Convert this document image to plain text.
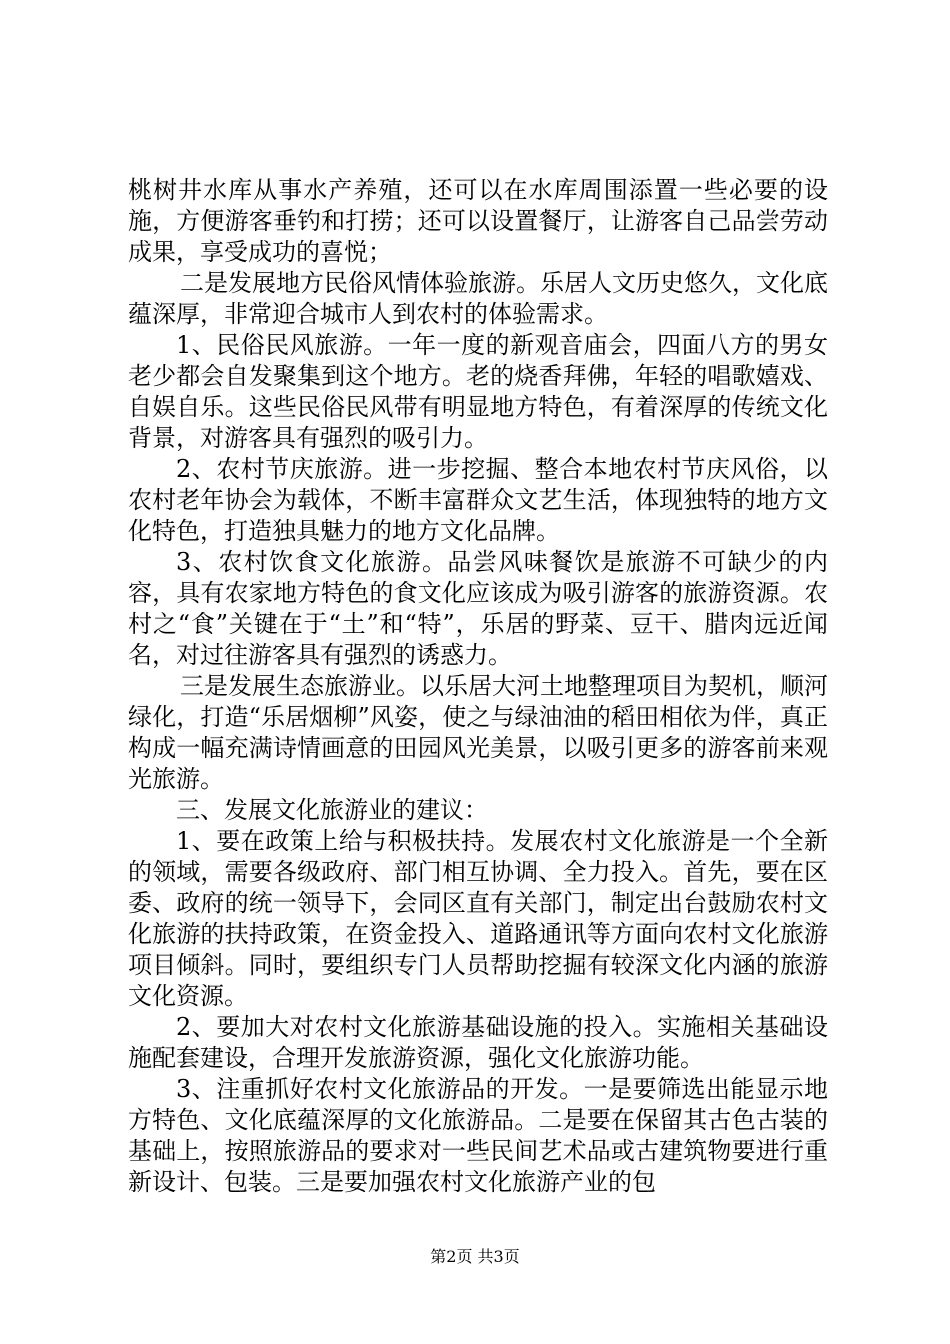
桃树井水库从事水产养殖，还可以在水库周围添置一些必要的设施，方便游客垂钓和打捞；还可以设置餐厅，让游客自己品尝劳动成果，享受成功的喜悦；

二是发展地方民俗风情体验旅游。乐居人文历史悠久，文化底蕴深厚，非常迎合城市人到农村的体验需求。

1、民俗民风旅游。一年一度的新观音庙会，四面八方的男女老少都会自发聚集到这个地方。老的烧香拜佛，年轻的唱歌嬉戏、自娱自乐。这些民俗民风带有明显地方特色，有着深厚的传统文化背景，对游客具有强烈的吸引力。

2、农村节庆旅游。进一步挖掘、整合本地农村节庆风俗，以农村老年协会为载体，不断丰富群众文艺生活，体现独特的地方文化特色，打造独具魅力的地方文化品牌。

3、农村饮食文化旅游。品尝风味餐饮是旅游不可缺少的内容，具有农家地方特色的食文化应该成为吸引游客的旅游资源。农村之“食”关键在于“土”和“特”，乐居的野菜、豆干、腊肉远近闻名，对过往游客具有强烈的诱惑力。

三是发展生态旅游业。以乐居大河土地整理项目为契机，顺河绿化，打造“乐居烟柳”风姿，使之与绿油油的稻田相依为伴，真正构成一幅充满诗情画意的田园风光美景，以吸引更多的游客前来观光旅游。

三、发展文化旅游业的建议：

1、要在政策上给与积极扶持。发展农村文化旅游是一个全新的领域，需要各级政府、部门相互协调、全力投入。首先，要在区委、政府的统一领导下，会同区直有关部门，制定出台鼓励农村文化旅游的扶持政策，在资金投入、道路通讯等方面向农村文化旅游项目倾斜。同时，要组织专门人员帮助挖掘有较深文化内涵的旅游文化资源。

2、要加大对农村文化旅游基础设施的投入。实施相关基础设施配套建设，合理开发旅游资源，强化文化旅游功能。

3、注重抓好农村文化旅游品的开发。一是要筛选出能显示地方特色、文化底蕴深厚的文化旅游品。二是要在保留其古色古装的基础上，按照旅游品的要求对一些民间艺术品或古建筑物要进行重新设计、包装。三是要加强农村文化旅游产业的包

第2页 共3页
